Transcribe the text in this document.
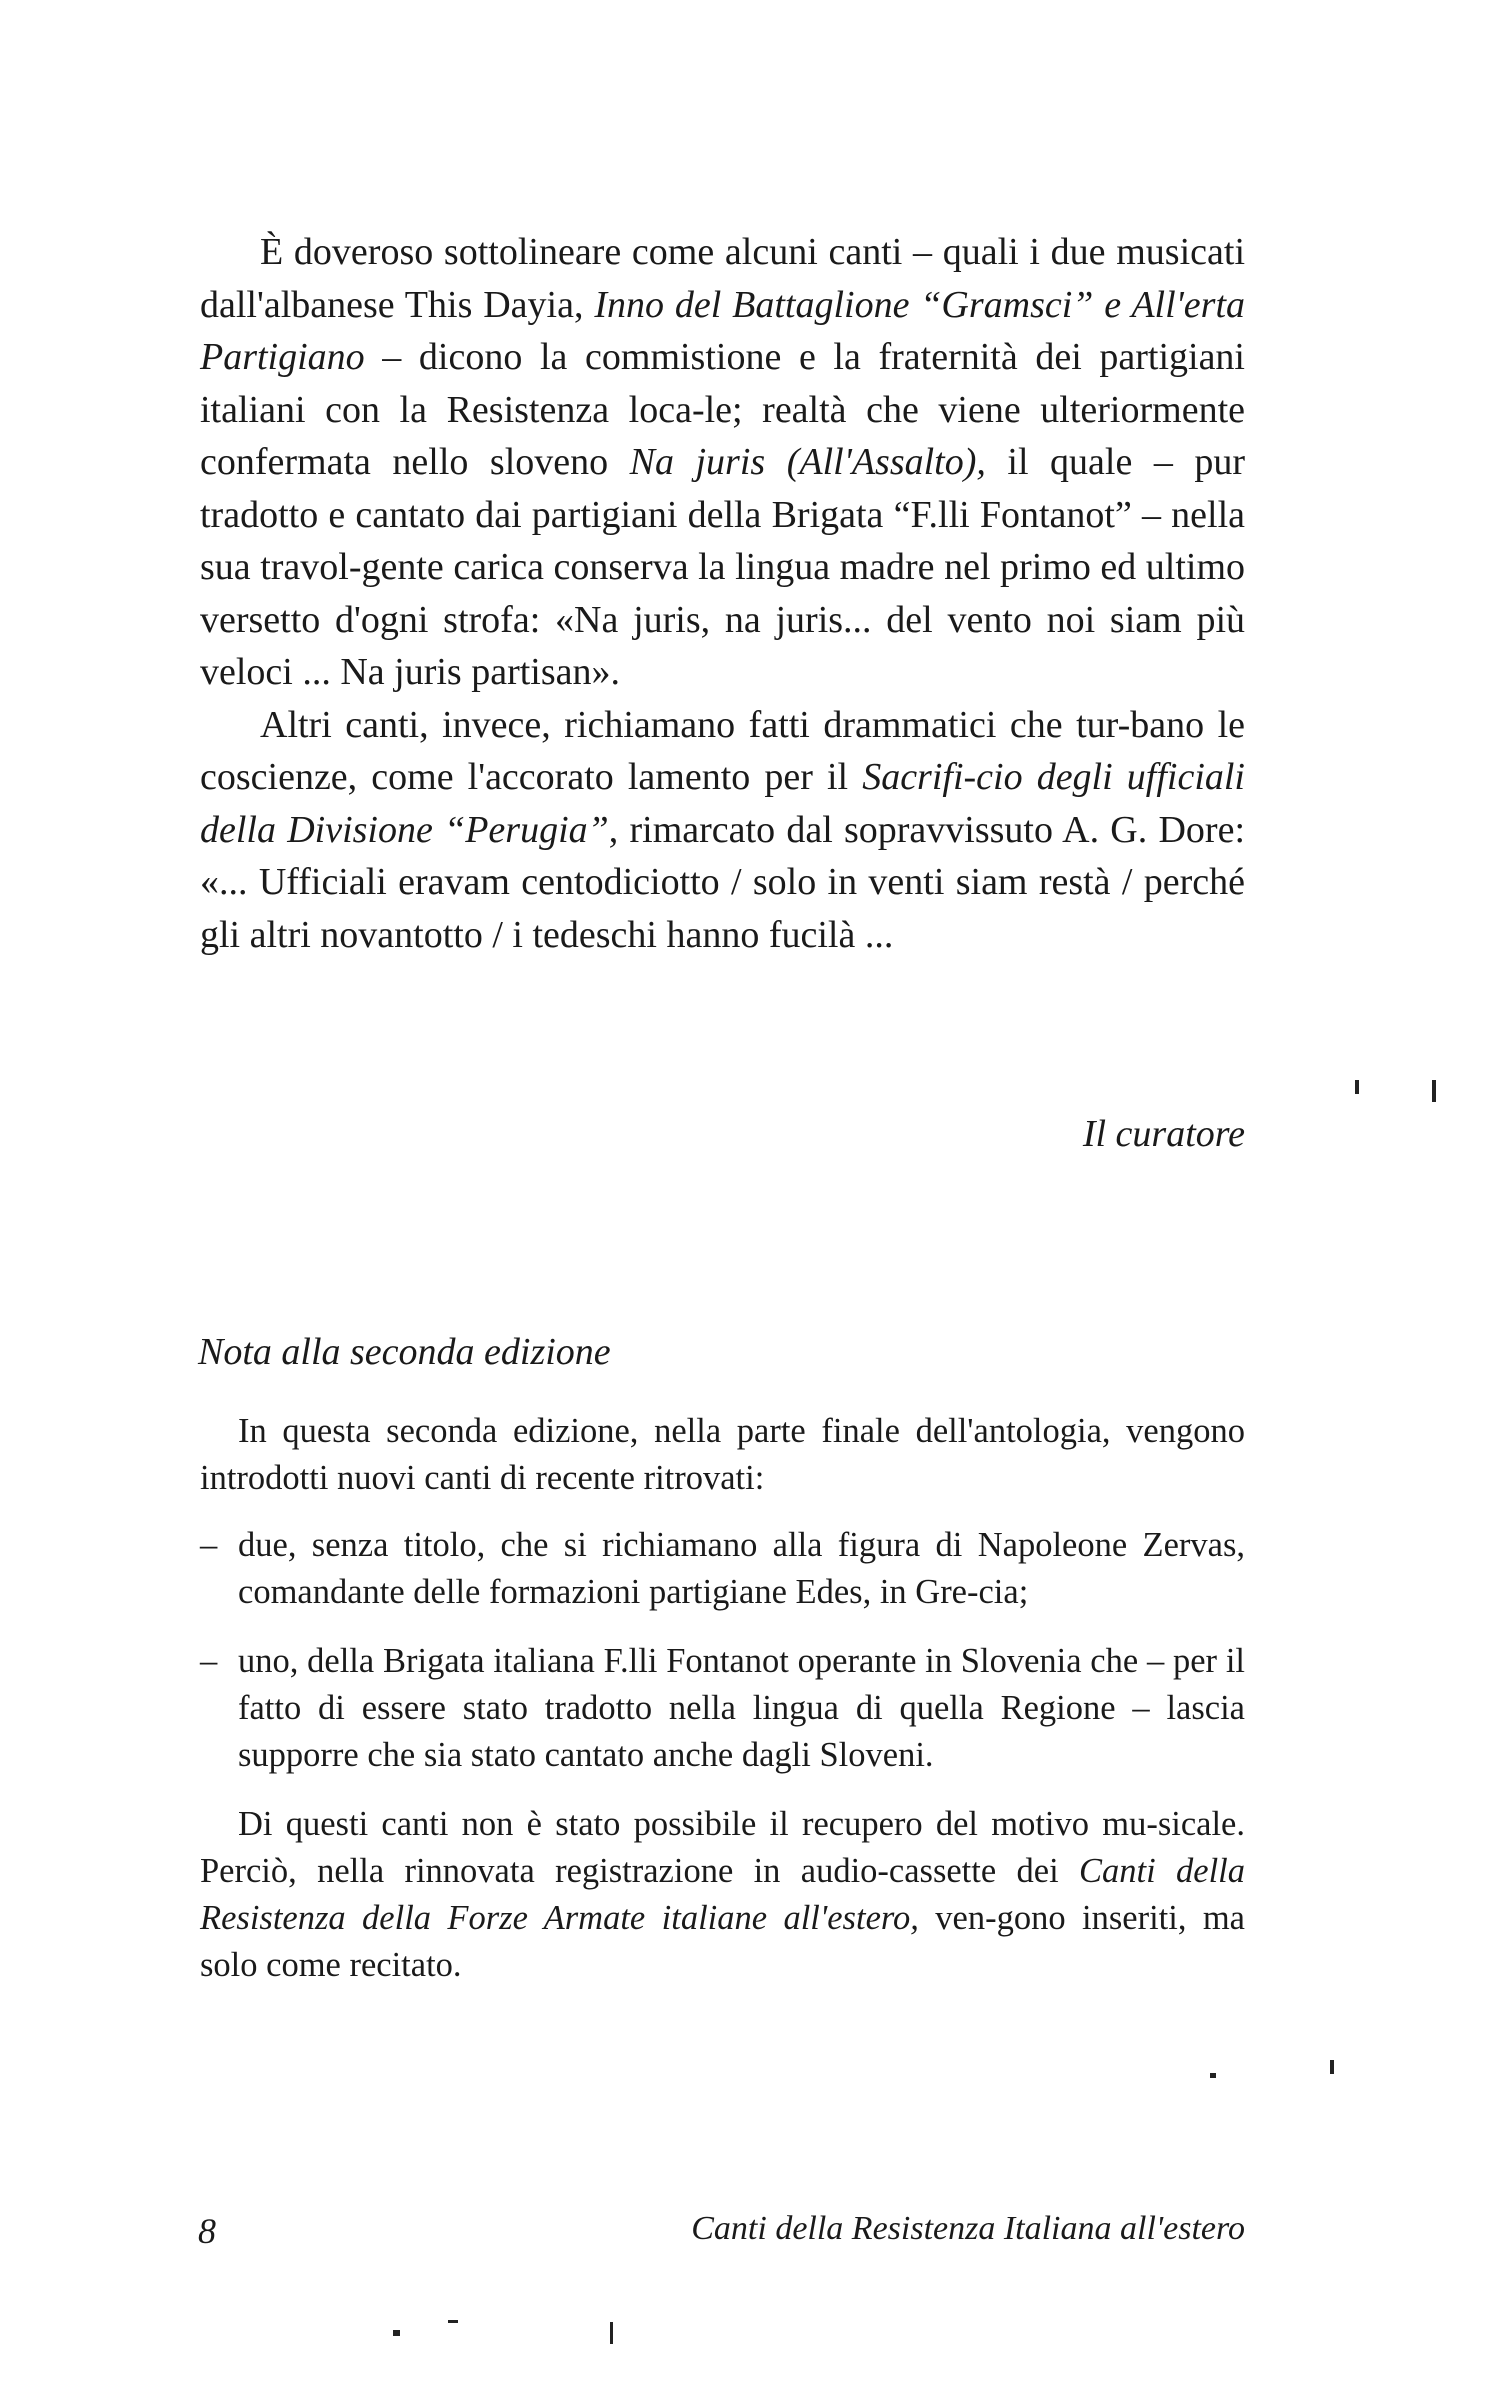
È doveroso sottolineare come alcuni canti – quali i due musicati dall'albanese This Dayia, Inno del Battaglione “Gramsci” e All'erta Partigiano – dicono la commistione e la fraternità dei partigiani italiani con la Resistenza loca-le; realtà che viene ulteriormente confermata nello sloveno Na juris (All'Assalto), il quale – pur tradotto e cantato dai partigiani della Brigata “F.lli Fontanot” – nella sua travol-gente carica conserva la lingua madre nel primo ed ultimo versetto d'ogni strofa: «Na juris, na juris... del vento noi siam più veloci ... Na juris partisan».

Altri canti, invece, richiamano fatti drammatici che tur-bano le coscienze, come l'accorato lamento per il Sacrifi-cio degli ufficiali della Divisione “Perugia”, rimarcato dal sopravvissuto A. G. Dore: «... Ufficiali eravam centodiciotto / solo in venti siam restà / perché gli altri novantotto / i tedeschi hanno fucilà ...

Il curatore
Nota alla seconda edizione

In questa seconda edizione, nella parte finale dell'antologia, vengono introdotti nuovi canti di recente ritrovati:

– due, senza titolo, che si richiamano alla figura di Napoleone Zervas, comandante delle formazioni partigiane Edes, in Gre-cia;
– uno, della Brigata italiana F.lli Fontanot operante in Slovenia che – per il fatto di essere stato tradotto nella lingua di quella Regione – lascia supporre che sia stato cantato anche dagli Sloveni.

Di questi canti non è stato possibile il recupero del motivo mu-sicale. Perciò, nella rinnovata registrazione in audio-cassette dei Canti della Resistenza della Forze Armate italiane all'estero, ven-gono inseriti, ma solo come recitato.

8	Canti della Resistenza Italiana all'estero
